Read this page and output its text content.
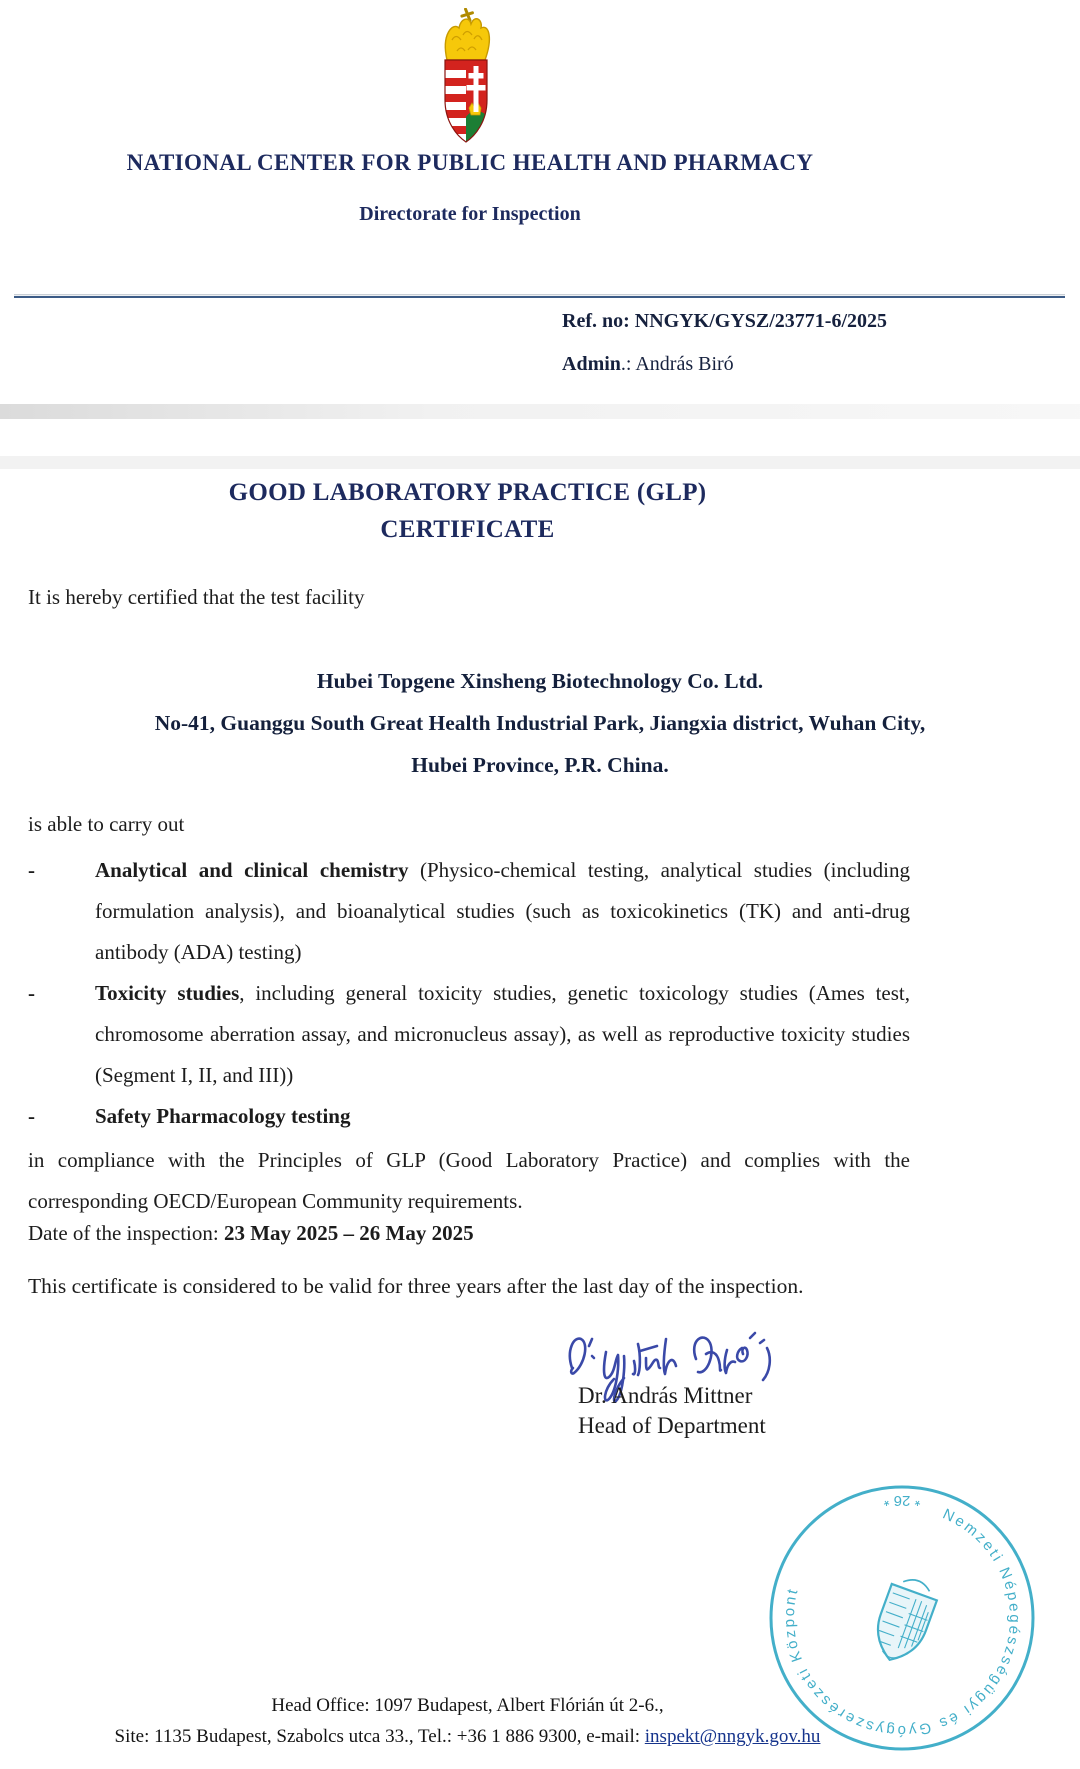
NATIONAL CENTER FOR PUBLIC HEALTH AND PHARMACY
Directorate for Inspection
Ref. no: NNGYK/GYSZ/23771-6/2025
Admin.: András Biró
GOOD LABORATORY PRACTICE (GLP)
CERTIFICATE
It is hereby certified that the test facility
Hubei Topgene Xinsheng Biotechnology Co. Ltd.
No-41, Guanggu South Great Health Industrial Park, Jiangxia district, Wuhan City,
Hubei Province, P.R. China.
is able to carry out
-	Analytical and clinical chemistry (Physico-chemical testing, analytical studies (including formulation analysis), and bioanalytical studies (such as toxicokinetics (TK) and anti-drug antibody (ADA) testing)
-	Toxicity studies, including general toxicity studies, genetic toxicology studies (Ames test, chromosome aberration assay, and micronucleus assay), as well as reproductive toxicity studies (Segment I, II, and III))
-	Safety Pharmacology testing
in compliance with the Principles of GLP (Good Laboratory Practice) and complies with the corresponding OECD/European Community requirements.
Date of the inspection: 23 May 2025 – 26 May 2025
This certificate is considered to be valid for three years after the last day of the inspection.
Dr. András Mittner
Head of Department
Nemzeti Népegészségügyi és Gyógyszerészeti Központ
* 26 *
Head Office: 1097 Budapest, Albert Flórián út 2-6.,
Site: 1135 Budapest, Szabolcs utca 33., Tel.: +36 1 886 9300, e-mail: inspekt@nngyk.gov.hu
